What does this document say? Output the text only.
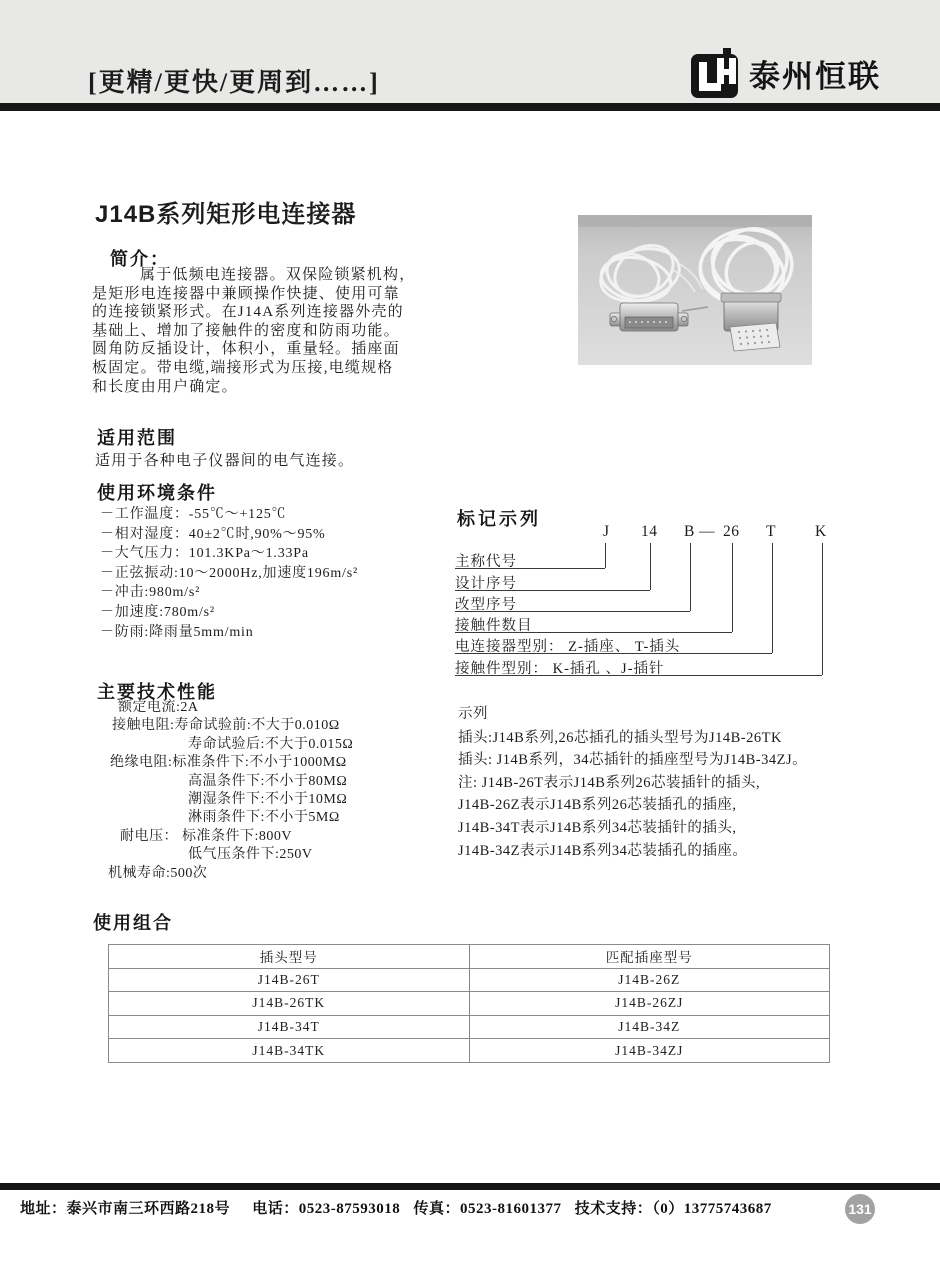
[更精/更快/更周到……]	泰州恒联
J14B系列矩形电连接器
简介：
属于低频电连接器。双保险锁紧机构，
是矩形电连接器中兼顾操作快捷、使用可靠
的连接锁紧形式。在J14A系列连接器外壳的
基础上、增加了接触件的密度和防雨功能。
圆角防反插设计，体积小，重量轻。插座面
板固定。带电缆,端接形式为压接,电缆规格
和长度由用户确定。
适用范围
适用于各种电子仪器间的电气连接。
使用环境条件
－工作温度：-55℃～+125℃
－相对湿度：40±2℃时,90%～95%
－大气压力：101.3KPa～1.33Pa
－正弦振动:10～2000Hz,加速度196m/s²
－冲击:980m/s²
－加速度:780m/s²
－防雨:降雨量5mm/min
主要技术性能
额定电流:2A
接触电阻:寿命试验前:不大于0.010Ω
寿命试验后:不大于0.015Ω
绝缘电阻:标准条件下:不小于1000MΩ
高温条件下:不小于80MΩ
潮湿条件下:不小于10MΩ
淋雨条件下:不小于5MΩ
耐电压： 标准条件下:800V
低气压条件下:250V
机械寿命:500次
标记示列
J 14 B — 26 T	K
主称代号
设计序号
改型序号
接触件数目
电连接器型别： Z-插座、 T-插头
接触件型别： K-插孔 、J-插针
示列
插头:J14B系列,26芯插孔的插头型号为J14B-26TK
插头: J14B系列，34芯插针的插座型号为J14B-34ZJ。
注: J14B-26T表示J14B系列26芯装插针的插头,
J14B-26Z表示J14B系列26芯装插孔的插座,
J14B-34T表示J14B系列34芯装插针的插头,
J14B-34Z表示J14B系列34芯装插孔的插座。
使用组合
插头型号	匹配插座型号
J14B-26T	J14B-26Z
J14B-26TK	J14B-26ZJ
J14B-34T	J14B-34Z
J14B-34TK	J14B-34ZJ
地址：泰兴市南三环西路218号 电话：0523-87593018 传真：0523-81601377 技术支持：（0）13775743687	131
